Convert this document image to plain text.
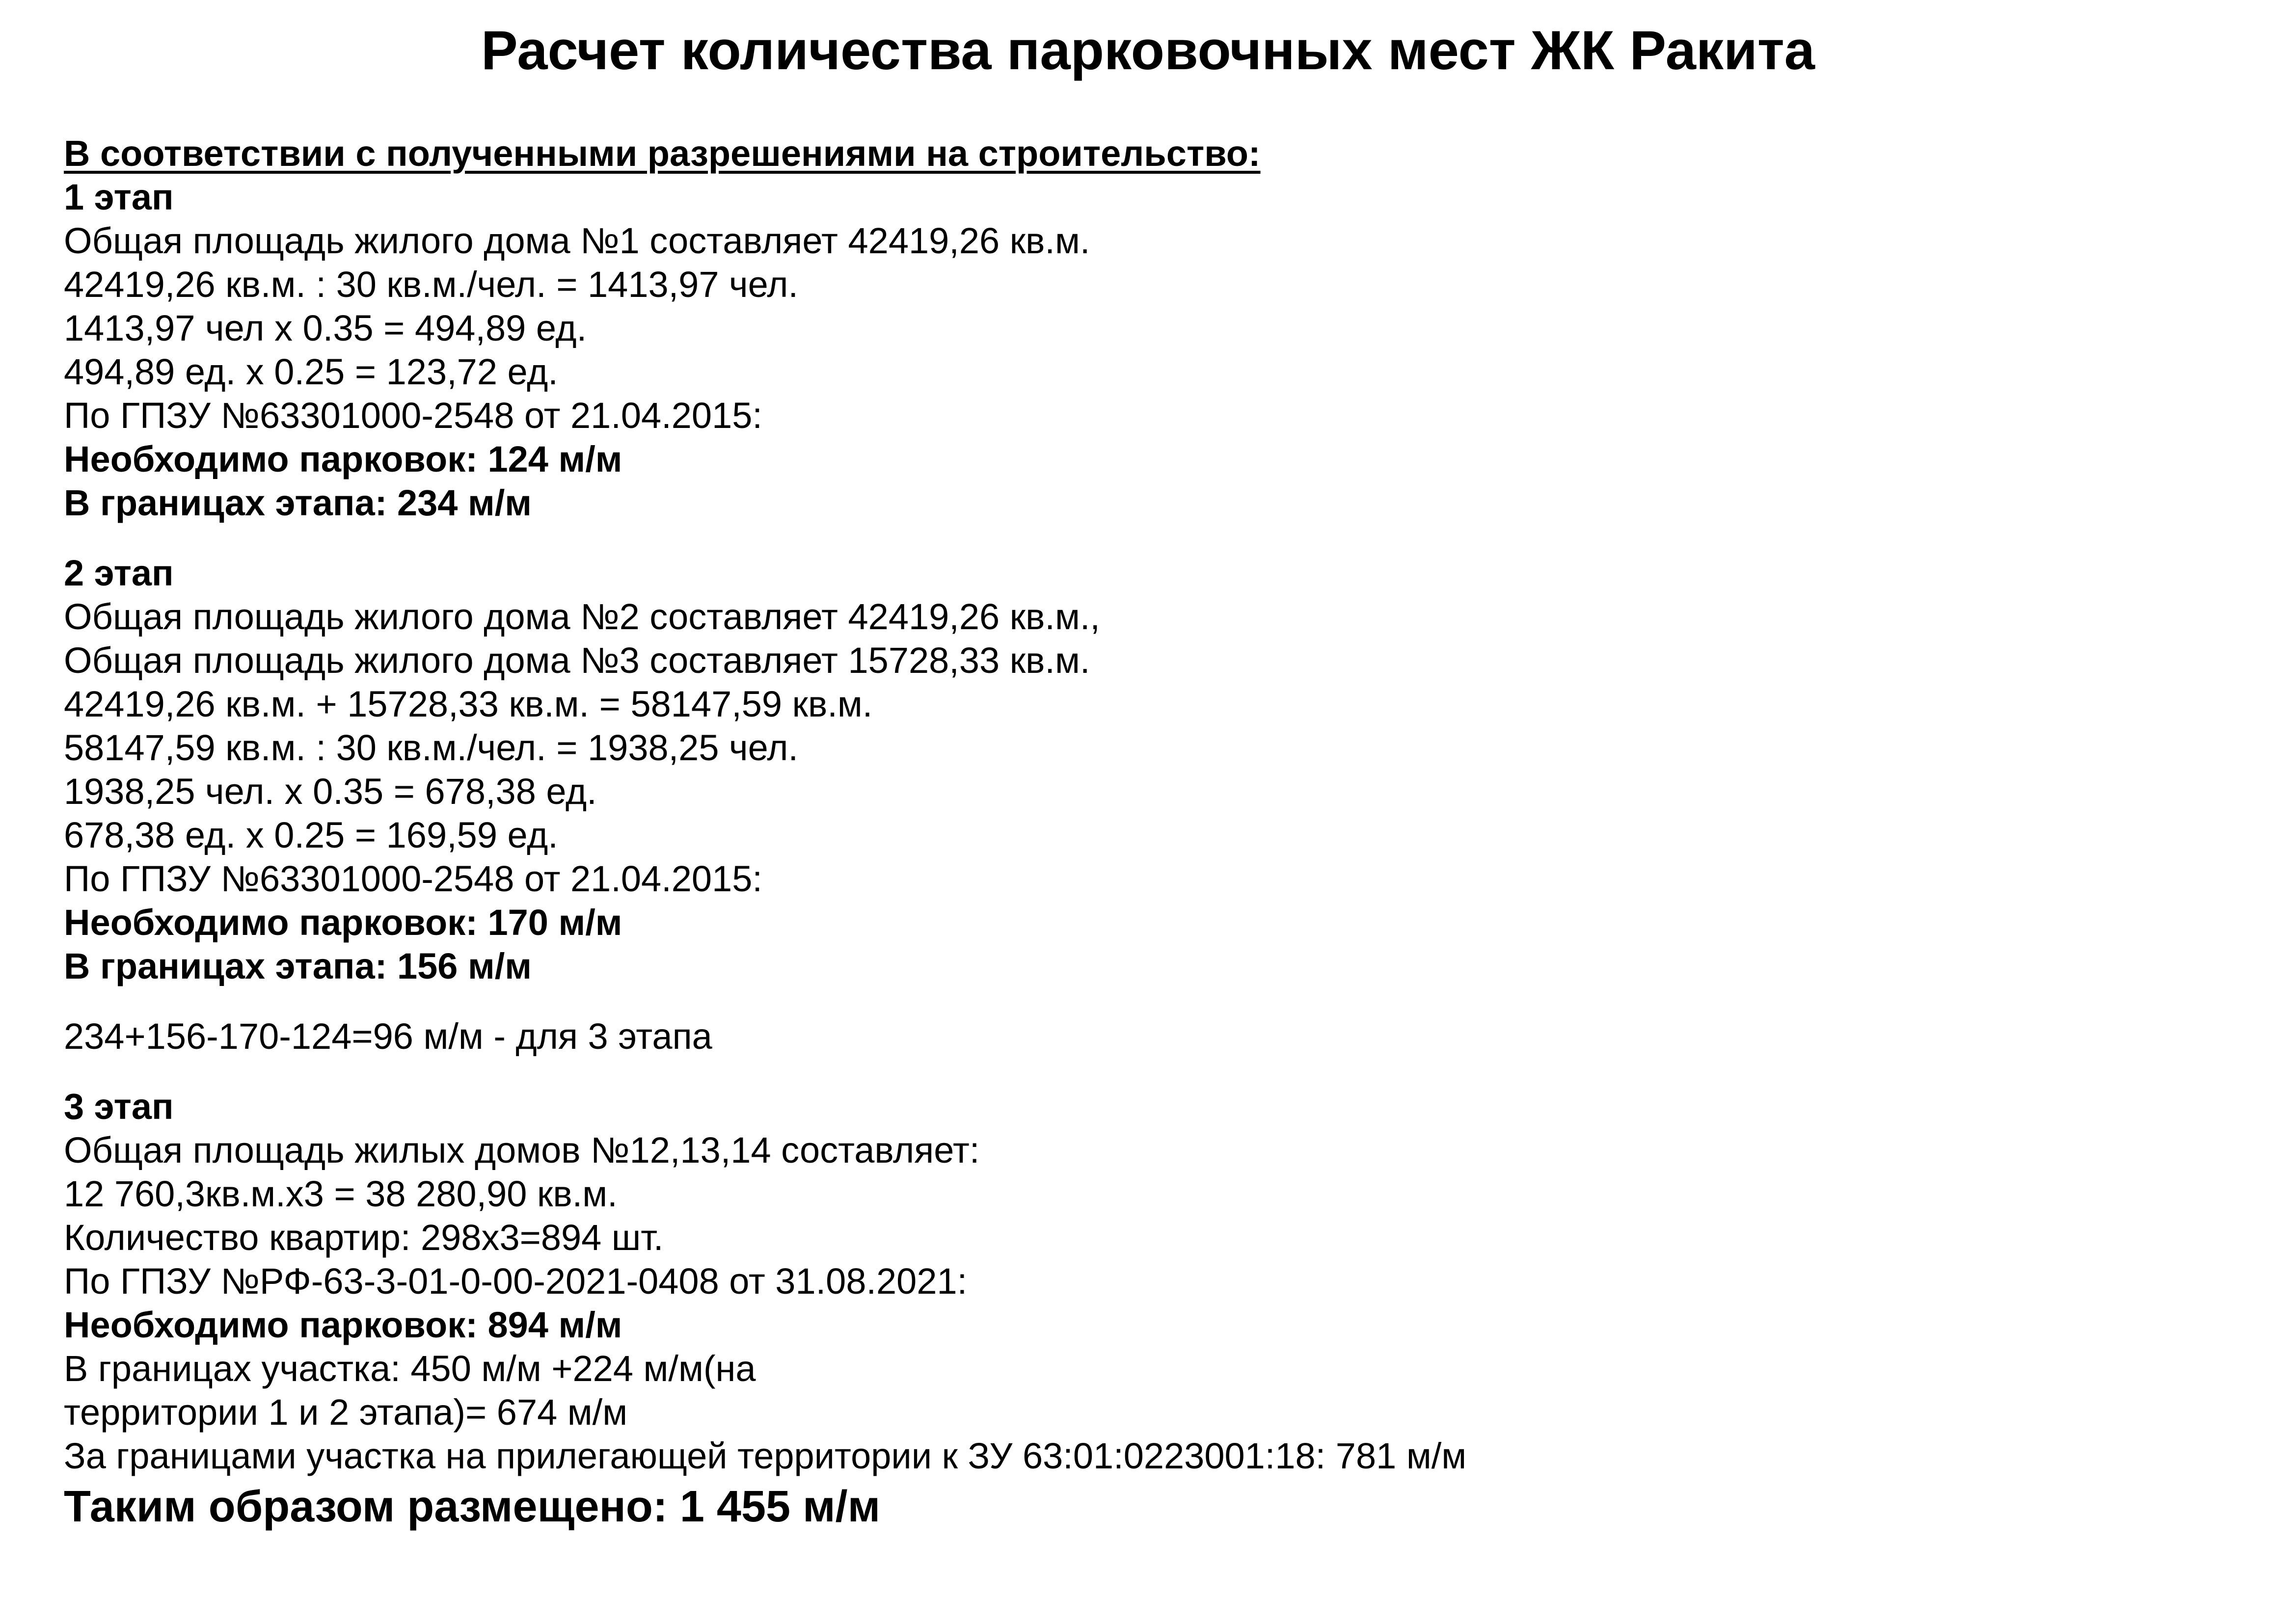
Расчет количества парковочных мест ЖК Ракита
В соответствии с полученными разрешениями на строительство:
1 этап
Общая площадь жилого дома №1 составляет 42419,26 кв.м.
42419,26 кв.м. : 30 кв.м./чел. = 1413,97 чел.
1413,97 чел х 0.35 = 494,89 ед.
494,89 ед. х 0.25 = 123,72 ед.
По ГПЗУ №63301000-2548 от 21.04.2015:
Необходимо парковок: 124 м/м
В границах этапа: 234 м/м
2 этап
Общая площадь жилого дома №2 составляет 42419,26 кв.м.,
Общая площадь жилого дома №3 составляет 15728,33 кв.м.
42419,26 кв.м. + 15728,33 кв.м. = 58147,59 кв.м.
58147,59 кв.м. : 30 кв.м./чел. = 1938,25 чел.
1938,25 чел. х 0.35 = 678,38 ед.
678,38 ед. х 0.25 = 169,59 ед.
По ГПЗУ №63301000-2548 от 21.04.2015:
Необходимо парковок: 170 м/м
В границах этапа: 156 м/м
234+156-170-124=96 м/м - для 3 этапа
3 этап
Общая площадь жилых домов №12,13,14 составляет:
12 760,3кв.м.х3 = 38 280,90 кв.м.
Количество квартир: 298х3=894 шт.
По ГПЗУ №РФ-63-3-01-0-00-2021-0408 от 31.08.2021:
Необходимо парковок: 894 м/м
В границах участка: 450 м/м +224 м/м(на
территории 1 и 2 этапа)= 674 м/м
За границами участка на прилегающей территории к ЗУ 63:01:0223001:18: 781 м/м
Таким образом размещено: 1 455 м/м
